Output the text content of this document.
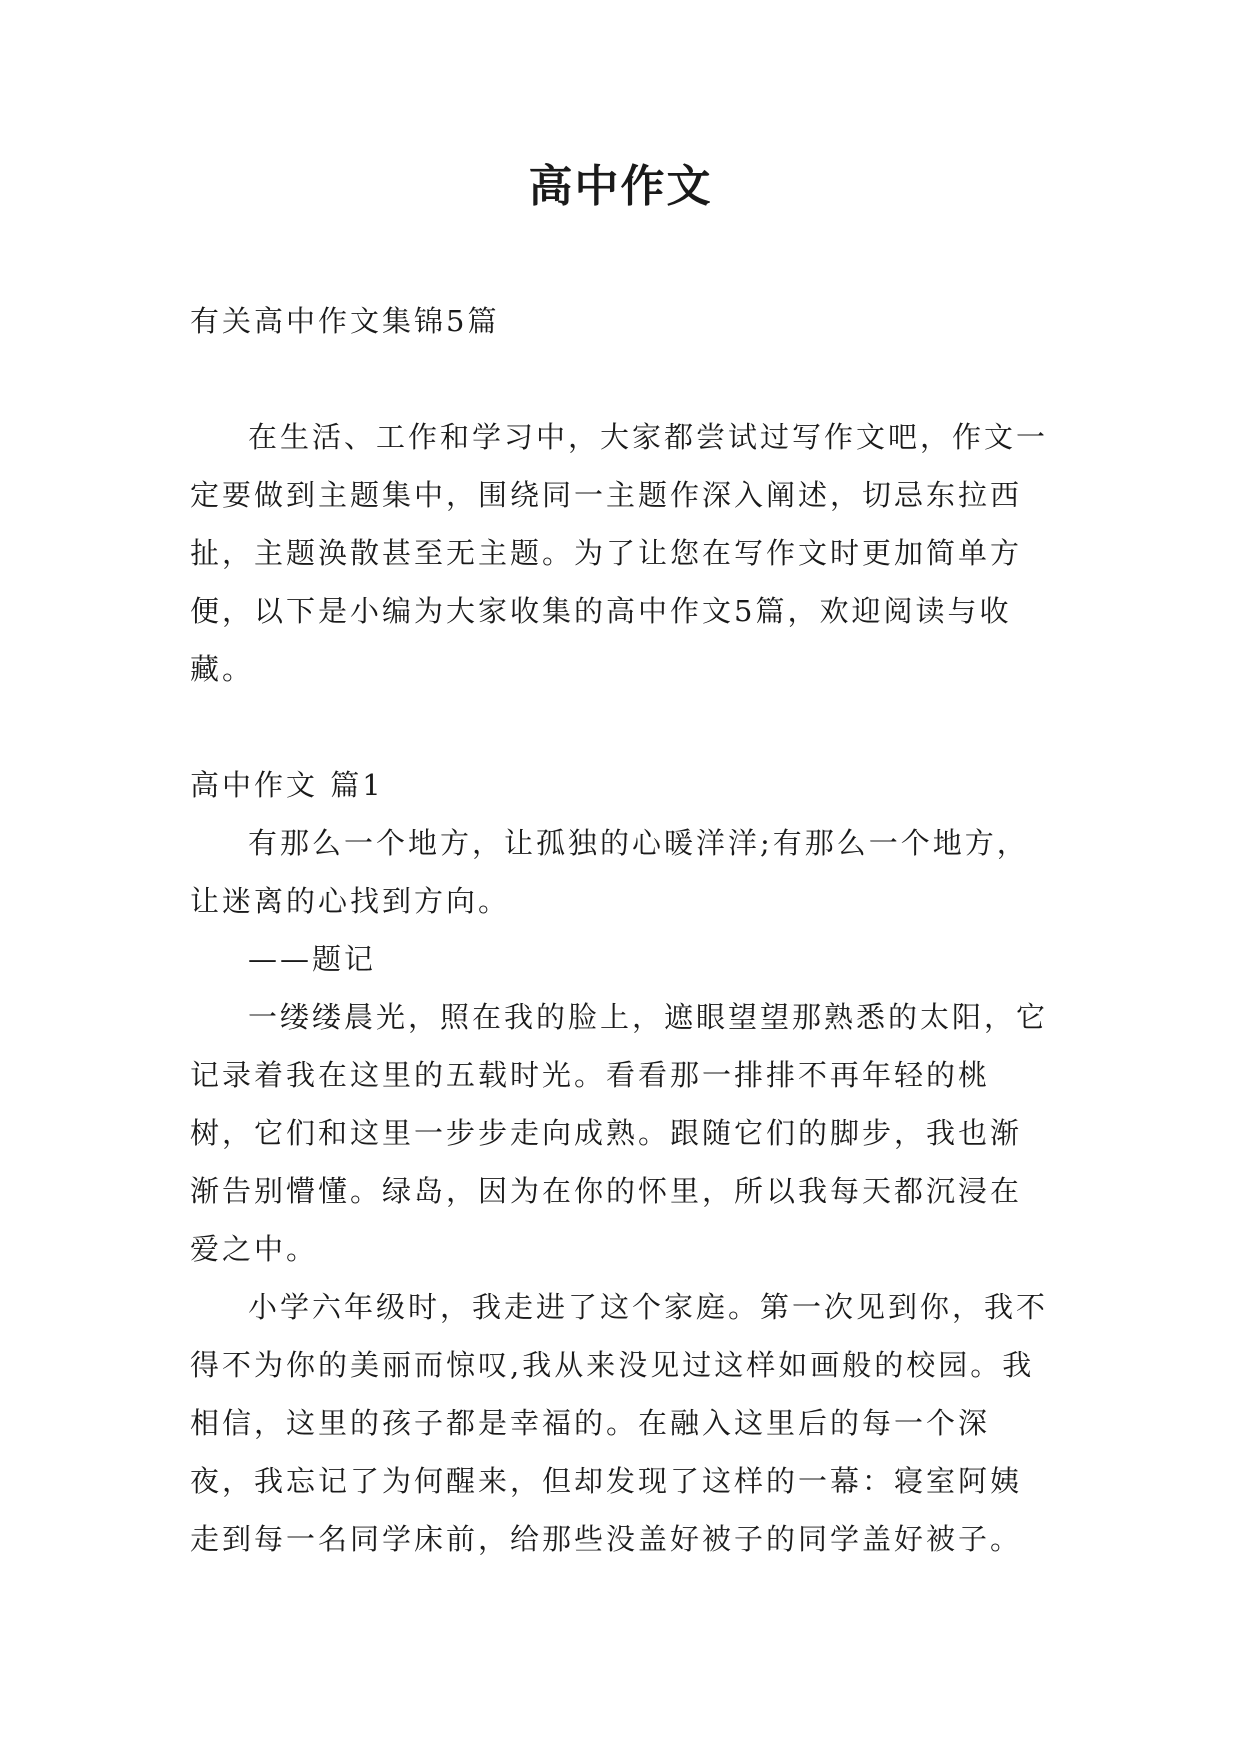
高中作文

有关高中作文集锦5篇

在生活、工作和学习中，大家都尝试过写作文吧，作文一定要做到主题集中，围绕同一主题作深入阐述，切忌东拉西扯，主题涣散甚至无主题。为了让您在写作文时更加简单方便，以下是小编为大家收集的高中作文5篇，欢迎阅读与收藏。

高中作文 篇1

有那么一个地方，让孤独的心暖洋洋;有那么一个地方，让迷离的心找到方向。

——题记

一缕缕晨光，照在我的脸上，遮眼望望那熟悉的太阳，它记录着我在这里的五载时光。看看那一排排不再年轻的桃树，它们和这里一步步走向成熟。跟随它们的脚步，我也渐渐告别懵懂。绿岛，因为在你的怀里，所以我每天都沉浸在爱之中。

小学六年级时，我走进了这个家庭。第一次见到你，我不得不为你的美丽而惊叹,我从来没见过这样如画般的校园。我相信，这里的孩子都是幸福的。在融入这里后的每一个深夜，我忘记了为何醒来，但却发现了这样的一幕：寝室阿姨走到每一名同学床前，给那些没盖好被子的同学盖好被子。
